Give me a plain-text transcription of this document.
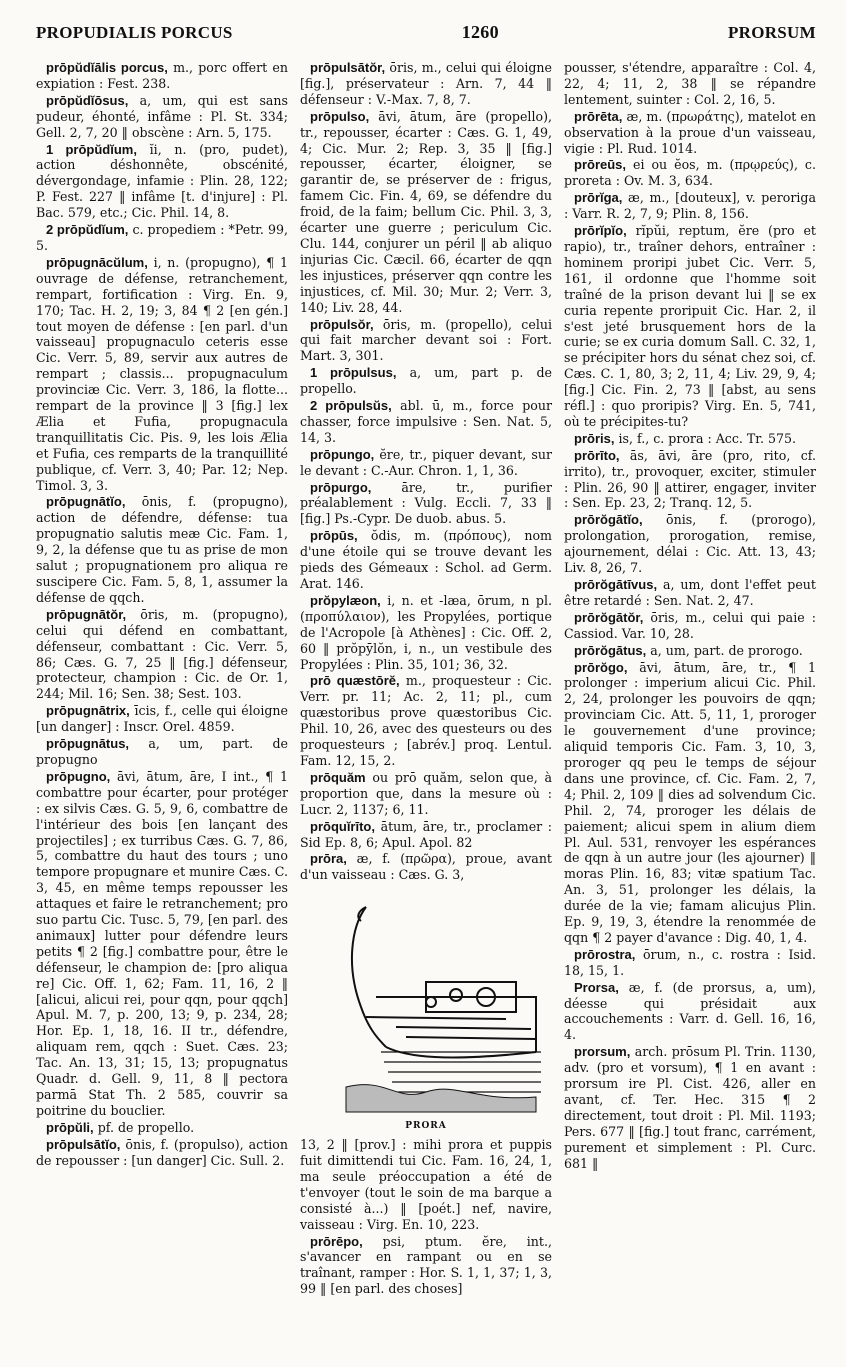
PROPUDIALIS PORCUS	1260	PRORSUM

prōpŭdĭālis porcus, m., porc offert en expiation : Fest. 238.

prōpŭdĭōsus, a, um, qui est sans pudeur, éhonté, infâme : Pl. St. 334; Gell. 2, 7, 20 ‖ obscène : Arn. 5, 175.

1 prōpŭdĭum, ĭi, n. (pro, pudet), action déshonnête, obscénité, dévergondage, infamie : Plin. 28, 122; P. Fest. 227 ‖ infâme [t. d'injure] : Pl. Bac. 579, etc.; Cic. Phil. 14, 8.

2 prōpŭdĭum, c. propediem : *Petr. 99, 5.

prōpugnācŭlum, i, n. (propugno), ¶ 1 ouvrage de défense, retranchement, rempart, fortification : Virg. En. 9, 170; Tac. H. 2, 19; 3, 84 ¶ 2 [en gén.] tout moyen de défense : [en parl. d'un vaisseau] propugnaculo ceteris esse Cic. Verr. 5, 89, servir aux autres de rempart ; classis... propugnaculum provinciæ Cic. Verr. 3, 186, la flotte... rempart de la province ‖ 3 [fig.] lex Ælia et Fufia, propugnacula tranquillitatis Cic. Pis. 9, les lois Ælia et Fufia, ces remparts de la tranquillité publique, cf. Verr. 3, 40; Par. 12; Nep. Timol. 3, 3.

prōpugnātĭo, ōnis, f. (propugno), action de défendre, défense: tua propugnatio salutis meæ Cic. Fam. 1, 9, 2, la défense que tu as prise de mon salut ; propugnationem pro aliqua re suscipere Cic. Fam. 5, 8, 1, assumer la défense de qqch.

prōpugnātŏr, ōris, m. (propugno), celui qui défend en combattant, défenseur, combattant : Cic. Verr. 5, 86; Cæs. G. 7, 25 ‖ [fig.] défenseur, protecteur, champion : Cic. de Or. 1, 244; Mil. 16; Sen. 38; Sest. 103.

prōpugnātrix, īcis, f., celle qui éloigne [un danger] : Inscr. Orel. 4859.

prōpugnātus, a, um, part. de propugno

prōpugno, āvi, ātum, āre, I int., ¶ 1 combattre pour écarter, pour protéger : ex silvis Cæs. G. 5, 9, 6, combattre de l'intérieur des bois [en lançant des projectiles] ; ex turribus Cæs. G. 7, 86, 5, combattre du haut des tours ; uno tempore propugnare et munire Cæs. C. 3, 45, en même temps repousser les attaques et faire le retranchement; pro suo partu Cic. Tusc. 5, 79, [en parl. des animaux] lutter pour défendre leurs petits ¶ 2 [fig.] combattre pour, être le défenseur, le champion de: [pro aliqua re] Cic. Off. 1, 62; Fam. 11, 16, 2 ‖ [alicui, alicui rei, pour qqn, pour qqch] Apul. M. 7, p. 200, 13; 9, p. 234, 28; Hor. Ep. 1, 18, 16. II tr., défendre, aliquam rem, qqch : Suet. Cæs. 23; Tac. An. 13, 31; 15, 13; propugnatus Quadr. d. Gell. 9, 11, 8 ‖ pectora parmā Stat Th. 2 585, couvrir sa poitrine du bouclier.

prōpŭli, pf. de propello.

prōpulsātĭo, ōnis, f. (propulso), action de repousser : [un danger] Cic. Sull. 2.

prōpulsātŏr, ōris, m., celui qui éloigne [fig.], préservateur : Arn. 7, 44 ‖ défenseur : V.-Max. 7, 8, 7.

prōpulso, āvi, ātum, āre (propello), tr., repousser, écarter : Cæs. G. 1, 49, 4; Cic. Mur. 2; Rep. 3, 35 ‖ [fig.] repousser, écarter, éloigner, se garantir de, se préserver de : frigus, famem Cic. Fin. 4, 69, se défendre du froid, de la faim; bellum Cic. Phil. 3, 3, écarter une guerre ; periculum Cic. Clu. 144, conjurer un péril ‖ ab aliquo injurias Cic. Cæcil. 66, écarter de qqn les injustices, préserver qqn contre les injustices, cf. Mil. 30; Mur. 2; Verr. 3, 140; Liv. 28, 44.

prōpulsŏr, ōris, m. (propello), celui qui fait marcher devant soi : Fort. Mart. 3, 301.

1 prōpulsus, a, um, part p. de propello.

2 prōpulsŭs, abl. ū, m., force pour chasser, force impulsive : Sen. Nat. 5, 14, 3.

prōpungo, ĕre, tr., piquer devant, sur le devant : C.-Aur. Chron. 1, 1, 36.

prōpurgo, āre, tr., purifier préalablement : Vulg. Eccli. 7, 33 ‖ [fig.] Ps.-Cypr. De duob. abus. 5.

prōpūs, ŏdis, m. (πρόπους), nom d'une étoile qui se trouve devant les pieds des Gémeaux : Schol. ad Germ. Arat. 146.

prŏpylæon, i, n. et -læa, ōrum, n pl. (προπύλαιον), les Propylées, portique de l'Acropole [à Athènes] : Cic. Off. 2, 60 ‖ prŏpȳlŏn, i, n., un vestibule des Propylées : Plin. 35, 101; 36, 32.

prō quæstōrĕ, m., proquesteur : Cic. Verr. pr. 11; Ac. 2, 11; pl., cum quæstoribus prove quæstoribus Cic. Phil. 10, 26, avec des questeurs ou des proquesteurs ; [abrév.] proq. Lentul. Fam. 12, 15, 2.

prōquăm ou prō quăm, selon que, à proportion que, dans la mesure où : Lucr. 2, 1137; 6, 11.

prōquĭrīto, ātum, āre, tr., proclamer : Sid Ep. 8, 6; Apul. Apol. 82

prōra, æ, f. (πρῶρα), proue, avant d'un vaisseau : Cæs. G. 3,

PRORA

13, 2 ‖ [prov.] : mihi prora et puppis fuit dimittendi tui Cic. Fam. 16, 24, 1, ma seule préoccupation a été de t'envoyer (tout le soin de ma barque a consisté à...) ‖ [poét.] nef, navire, vaisseau : Virg. En. 10, 223.

prōrēpo, psi, ptum. ĕre, int., s'avancer en rampant ou en se traînant, ramper : Hor. S. 1, 1, 37; 1, 3, 99 ‖ [en parl. des choses]

pousser, s'étendre, apparaître : Col. 4, 22, 4; 11, 2, 38 ‖ se répandre lentement, suinter : Col. 2, 16, 5.

prōrēta, æ, m. (πρωράτης), matelot en observation à la proue d'un vaisseau, vigie : Pl. Rud. 1014.

prōreūs, ei ou ĕos, m. (πρῳρεύς), c. proreta : Ov. M. 3, 634.

prōrĭga, æ, m., [douteux], v. peroriga : Varr. R. 2, 7, 9; Plin. 8, 156.

prōrĭpĭo, rĭpŭi, reptum, ĕre (pro et rapio), tr., traîner dehors, entraîner : hominem proripi jubet Cic. Verr. 5, 161, il ordonne que l'homme soit traîné de la prison devant lui ‖ se ex curia repente proripuit Cic. Har. 2, il s'est jeté brusquement hors de la curie; se ex curia domum Sall. C. 32, 1, se précipiter hors du sénat chez soi, cf. Cæs. C. 1, 80, 3; 2, 11, 4; Liv. 29, 9, 4; [fig.] Cic. Fin. 2, 73 ‖ [abst, au sens réfl.] : quo proripis? Virg. En. 5, 741, où te précipites-tu?

prōris, is, f., c. prora : Acc. Tr. 575.

prōrīto, ās, āvi, āre (pro, rito, cf. irrito), tr., provoquer, exciter, stimuler : Plin. 26, 90 ‖ attirer, engager, inviter : Sen. Ep. 23, 2; Tranq. 12, 5.

prōrŏgātĭo, ōnis, f. (prorogo), prolongation, prorogation, remise, ajournement, délai : Cic. Att. 13, 43; Liv. 8, 26, 7.

prōrŏgātīvus, a, um, dont l'effet peut être retardé : Sen. Nat. 2, 47.

prōrŏgātŏr, ōris, m., celui qui paie : Cassiod. Var. 10, 28.

prōrŏgātus, a, um, part. de prorogo.

prōrŏgo, āvi, ātum, āre, tr., ¶ 1 prolonger : imperium alicui Cic. Phil. 2, 24, prolonger les pouvoirs de qqn; provinciam Cic. Att. 5, 11, 1, proroger le gouvernement d'une province; aliquid temporis Cic. Fam. 3, 10, 3, proroger qq peu le temps de séjour dans une province, cf. Cic. Fam. 2, 7, 4; Phil. 2, 109 ‖ dies ad solvendum Cic. Phil. 2, 74, proroger les délais de paiement; alicui spem in alium diem Pl. Aul. 531, renvoyer les espérances de qqn à un autre jour (les ajourner) ‖ moras Plin. 16, 83; vitæ spatium Tac. An. 3, 51, prolonger les délais, la durée de la vie; famam alicujus Plin. Ep. 9, 19, 3, étendre la renommée de qqn ¶ 2 payer d'avance : Dig. 40, 1, 4.

prōrostra, ōrum, n., c. rostra : Isid. 18, 15, 1.

Prorsa, æ, f. (de prorsus, a, um), déesse qui présidait aux accouchements : Varr. d. Gell. 16, 16, 4.

prorsum, arch. prōsum Pl. Trin. 1130, adv. (pro et vorsum), ¶ 1 en avant : prorsum ire Pl. Cist. 426, aller en avant, cf. Ter. Hec. 315 ¶ 2 directement, tout droit : Pl. Mil. 1193; Pers. 677 ‖ [fig.] tout franc, carrément, purement et simplement : Pl. Curc. 681 ‖
